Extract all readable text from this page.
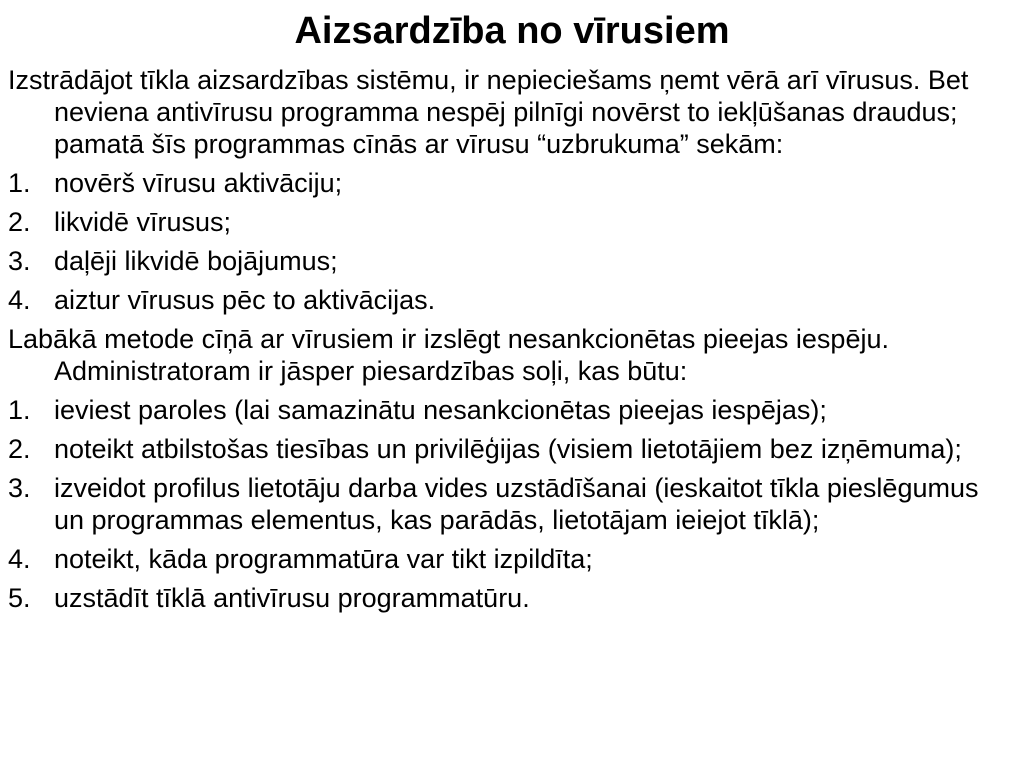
Aizsardzība no vīrusiem

Izstrādājot tīkla aizsardzības sistēmu, ir nepieciešams ņemt vērā arī vīrusus. Bet neviena antivīrusu programma nespēj pilnīgi novērst to iekļūšanas draudus; pamatā šīs programmas cīnās ar vīrusu “uzbrukuma” sekām:

1. novērš vīrusu aktivāciju;
2. likvidē vīrusus;
3. daļēji likvidē bojājumus;
4. aiztur vīrusus pēc to aktivācijas.

Labākā metode cīņā ar vīrusiem ir izslēgt nesankcionētas pieejas iespēju. Administratoram ir jāsper piesardzības soļi, kas būtu:

1. ieviest paroles (lai samazinātu nesankcionētas pieejas iespējas);
2. noteikt atbilstošas tiesības un privilēģijas (visiem lietotājiem bez izņēmuma);
3. izveidot profilus lietotāju darba vides uzstādīšanai (ieskaitot tīkla pieslēgumus un programmas elementus, kas parādās, lietotājam ieiejot tīklā);
4. noteikt, kāda programmatūra var tikt izpildīta;
5. uzstādīt tīklā antivīrusu programmatūru.
